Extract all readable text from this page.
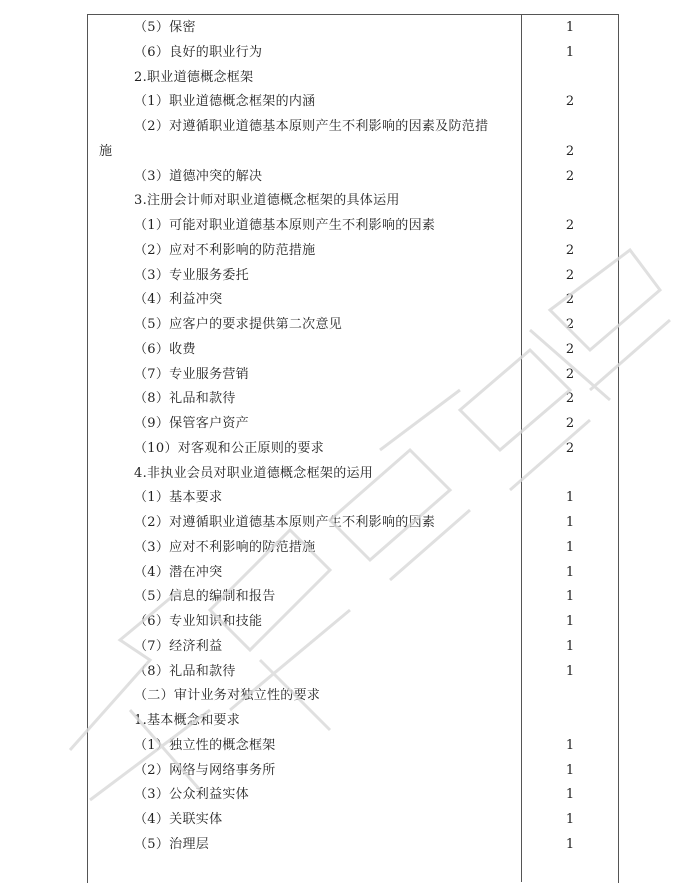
（5）保密	1
（6）良好的职业行为	1
2.职业道德概念框架
（1）职业道德概念框架的内涵	2
（2）对遵循职业道德基本原则产生不利影响的因素及防范措
施	2
（3）道德冲突的解决	2
3.注册会计师对职业道德概念框架的具体运用
（1）可能对职业道德基本原则产生不利影响的因素	2
（2）应对不利影响的防范措施	2
（3）专业服务委托	2
（4）利益冲突	2
（5）应客户的要求提供第二次意见	2
（6）收费	2
（7）专业服务营销	2
（8）礼品和款待	2
（9）保管客户资产	2
（10）对客观和公正原则的要求	2
4.非执业会员对职业道德概念框架的运用
（1）基本要求	1
（2）对遵循职业道德基本原则产生不利影响的因素	1
（3）应对不利影响的防范措施	1
（4）潜在冲突	1
（5）信息的编制和报告	1
（6）专业知识和技能	1
（7）经济利益	1
（8）礼品和款待	1
（二）审计业务对独立性的要求
1.基本概念和要求
（1）独立性的概念框架	1
（2）网络与网络事务所	1
（3）公众利益实体	1
（4）关联实体	1
（5）治理层	1
